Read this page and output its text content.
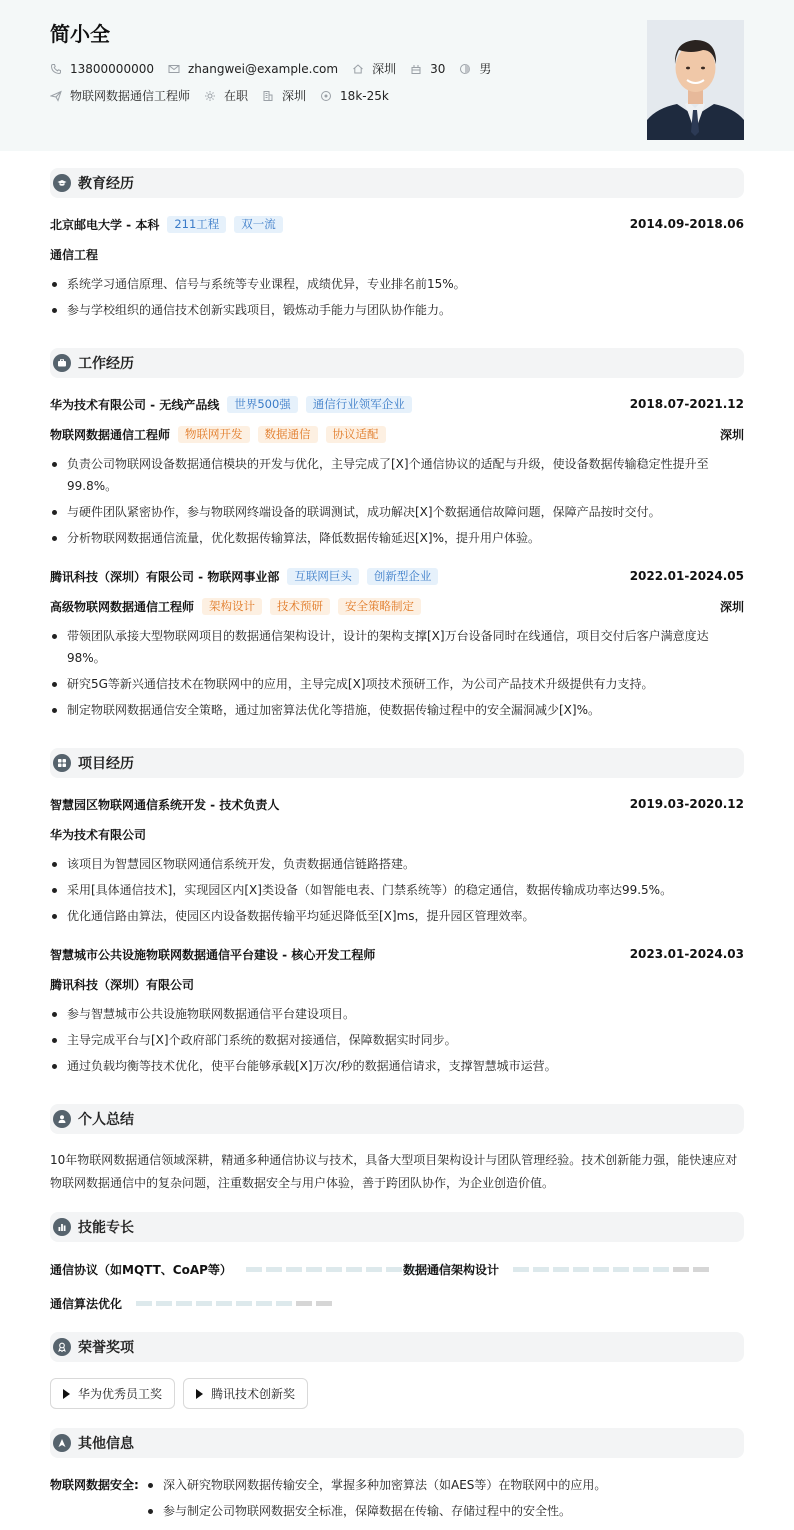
简小全
13800000000	zhangwei@example.com	深圳	30	男
物联网数据通信工程师	在职	深圳	18k-25k
教育经历
北京邮电大学 - 本科	211工程	双一流	2014.09-2018.06
通信工程
系统学习通信原理、信号与系统等专业课程，成绩优异，专业排名前15%。
参与学校组织的通信技术创新实践项目，锻炼动手能力与团队协作能力。
工作经历
华为技术有限公司 - 无线产品线	世界500强	通信行业领军企业	2018.07-2021.12
物联网数据通信工程师	物联网开发	数据通信	协议适配	深圳
负责公司物联网设备数据通信模块的开发与优化，主导完成了[X]个通信协议的适配与升级，使设备数据传输稳定性提升至99.8%。
与硬件团队紧密协作，参与物联网终端设备的联调测试，成功解决[X]个数据通信故障问题，保障产品按时交付。
分析物联网数据通信流量，优化数据传输算法，降低数据传输延迟[X]%，提升用户体验。
腾讯科技（深圳）有限公司 - 物联网事业部	互联网巨头	创新型企业	2022.01-2024.05
高级物联网数据通信工程师	架构设计	技术预研	安全策略制定	深圳
带领团队承接大型物联网项目的数据通信架构设计，设计的架构支撑[X]万台设备同时在线通信，项目交付后客户满意度达98%。
研究5G等新兴通信技术在物联网中的应用，主导完成[X]项技术预研工作，为公司产品技术升级提供有力支持。
制定物联网数据通信安全策略，通过加密算法优化等措施，使数据传输过程中的安全漏洞减少[X]%。
项目经历
智慧园区物联网通信系统开发 - 技术负责人	2019.03-2020.12
华为技术有限公司
该项目为智慧园区物联网通信系统开发，负责数据通信链路搭建。
采用[具体通信技术]，实现园区内[X]类设备（如智能电表、门禁系统等）的稳定通信，数据传输成功率达99.5%。
优化通信路由算法，使园区内设备数据传输平均延迟降低至[X]ms，提升园区管理效率。
智慧城市公共设施物联网数据通信平台建设 - 核心开发工程师	2023.01-2024.03
腾讯科技（深圳）有限公司
参与智慧城市公共设施物联网数据通信平台建设项目。
主导完成平台与[X]个政府部门系统的数据对接通信，保障数据实时同步。
通过负载均衡等技术优化，使平台能够承载[X]万次/秒的数据通信请求，支撑智慧城市运营。
个人总结
10年物联网数据通信领域深耕，精通多种通信协议与技术，具备大型项目架构设计与团队管理经验。技术创新能力强，能快速应对物联网数据通信中的复杂问题，注重数据安全与用户体验，善于跨团队协作，为企业创造价值。
技能专长
通信协议（如MQTT、CoAP等）	数据通信架构设计
通信算法优化
荣誉奖项
华为优秀员工奖	腾讯技术创新奖
其他信息
物联网数据安全:	深入研究物联网数据传输安全，掌握多种加密算法（如AES等）在物联网中的应用。
参与制定公司物联网数据安全标准，保障数据在传输、存储过程中的安全性。
